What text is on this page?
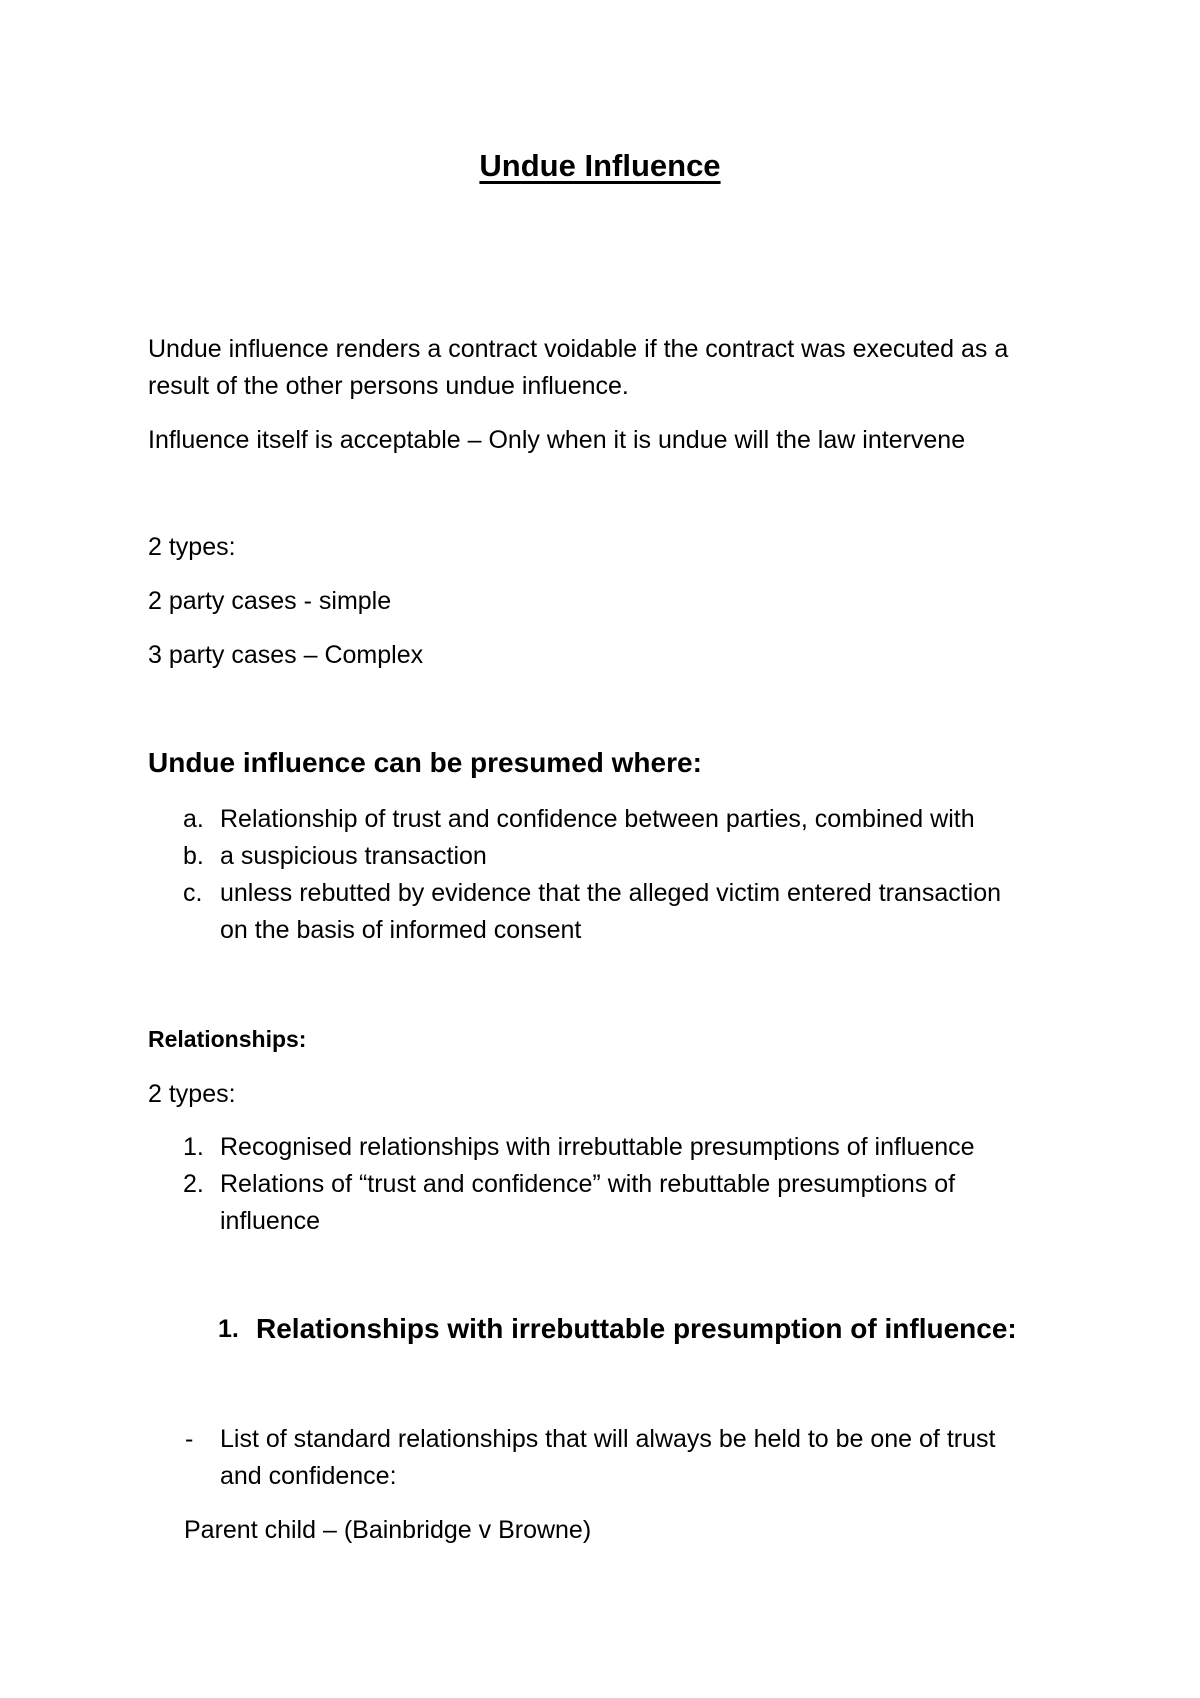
Undue Influence
Undue influence renders a contract voidable if the contract was executed as a
result of the other persons undue influence.
Influence itself is acceptable – Only when it is undue will the law intervene
2 types:
2 party cases - simple
3 party cases – Complex
Undue influence can be presumed where:
a. Relationship of trust and confidence between parties, combined with
b. a suspicious transaction
c. unless rebutted by evidence that the alleged victim entered transaction
on the basis of informed consent
Relationships:
2 types:
1. Recognised relationships with irrebuttable presumptions of influence
2. Relations of “trust and confidence” with rebuttable presumptions of
influence
1. Relationships with irrebuttable presumption of influence:
- List of standard relationships that will always be held to be one of trust
and confidence:
Parent child – (Bainbridge v Browne)
